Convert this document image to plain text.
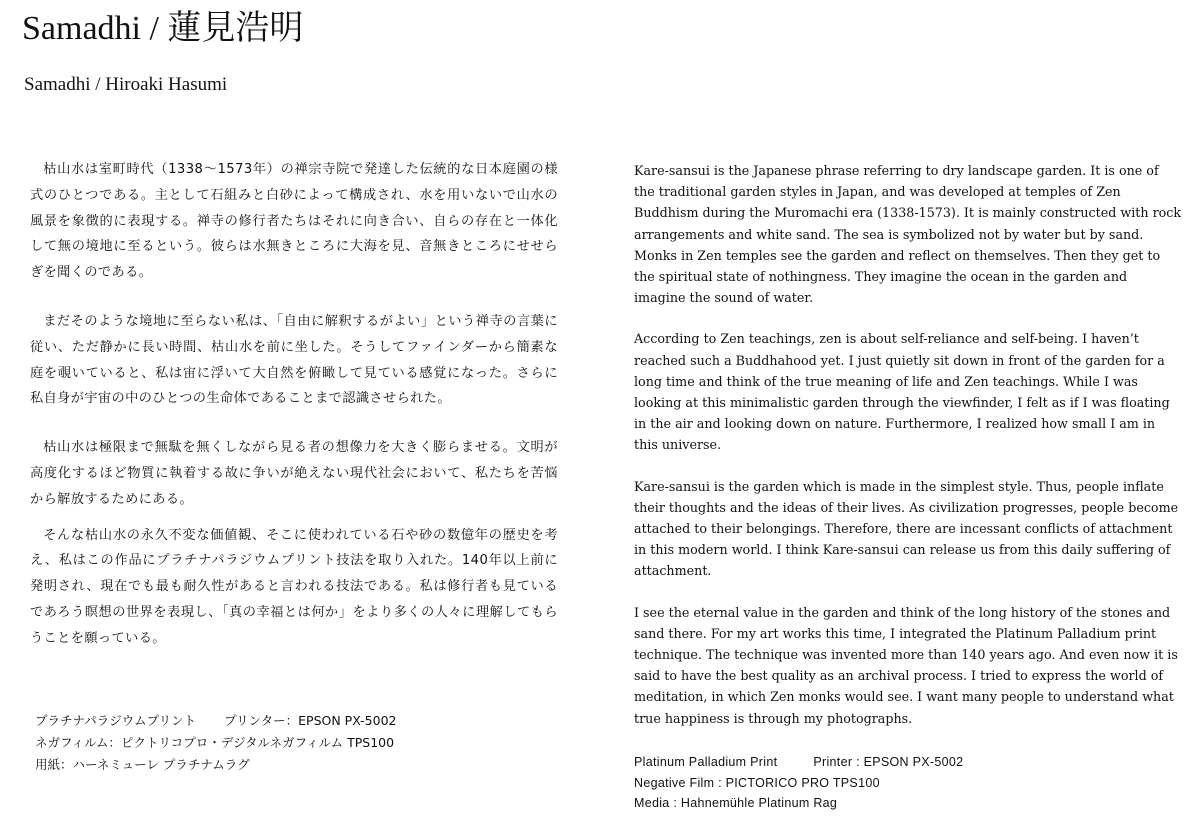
Samadhi / 蓮見浩明
Samadhi / Hiroaki Hasumi

枯山水は室町時代（1338～1573年）の禅宗寺院で発達した伝統的な日本庭園の様式のひとつである。主として石組みと白砂によって構成され、水を用いないで山水の風景を象徴的に表現する。禅寺の修行者たちはそれに向き合い、自らの存在と一体化して無の境地に至るという。彼らは水無きところに大海を見、音無きところにせせらぎを聞くのである。

まだそのような境地に至らない私は、「自由に解釈するがよい」という禅寺の言葉に従い、ただ静かに長い時間、枯山水を前に坐した。そうしてファインダーから簡素な庭を覗いていると、私は宙に浮いて大自然を俯瞰して見ている感覚になった。さらに私自身が宇宙の中のひとつの生命体であることまで認識させられた。

枯山水は極限まで無駄を無くしながら見る者の想像力を大きく膨らませる。文明が高度化するほど物質に執着する故に争いが絶えない現代社会において、私たちを苦悩から解放するためにある。

そんな枯山水の永久不変な価値観、そこに使われている石や砂の数億年の歴史を考え、私はこの作品にプラチナパラジウムプリント技法を取り入れた。140年以上前に発明され、現在でも最も耐久性があると言われる技法である。私は修行者も見ているであろう瞑想の世界を表現し、「真の幸福とは何か」をより多くの人々に理解してもらうことを願っている。

プラチナパラジウムプリント プリンター：EPSON PX-5002
ネガフィルム：ピクトリコプロ・デジタルネガフィルム TPS100
用紙：ハーネミューレ プラチナムラグ

Kare-sansui is the Japanese phrase referring to dry landscape garden. It is one of the traditional garden styles in Japan, and was developed at temples of Zen Buddhism during the Muromachi era (1338-1573). It is mainly constructed with rock arrangements and white sand. The sea is symbolized not by water but by sand. Monks in Zen temples see the garden and reflect on themselves. Then they get to the spiritual state of nothingness. They imagine the ocean in the garden and imagine the sound of water.

According to Zen teachings, zen is about self-reliance and self-being. I haven’t reached such a Buddhahood yet. I just quietly sit down in front of the garden for a long time and think of the true meaning of life and Zen teachings. While I was looking at this minimalistic garden through the viewfinder, I felt as if I was floating in the air and looking down on nature. Furthermore, I realized how small I am in this universe.

Kare-sansui is the garden which is made in the simplest style. Thus, people inflate their thoughts and the ideas of their lives. As civilization progresses, people become attached to their belongings. Therefore, there are incessant conflicts of attachment in this modern world. I think Kare-sansui can release us from this daily suffering of attachment.

I see the eternal value in the garden and think of the long history of the stones and sand there. For my art works this time, I integrated the Platinum Palladium print technique. The technique was invented more than 140 years ago. And even now it is said to have the best quality as an archival process. I tried to express the world of meditation, in which Zen monks would see. I want many people to understand what true happiness is through my photographs.

Platinum Palladium Print	Printer : EPSON PX-5002
Negative Film : PICTORICO PRO TPS100
Media : Hahnemühle Platinum Rag
